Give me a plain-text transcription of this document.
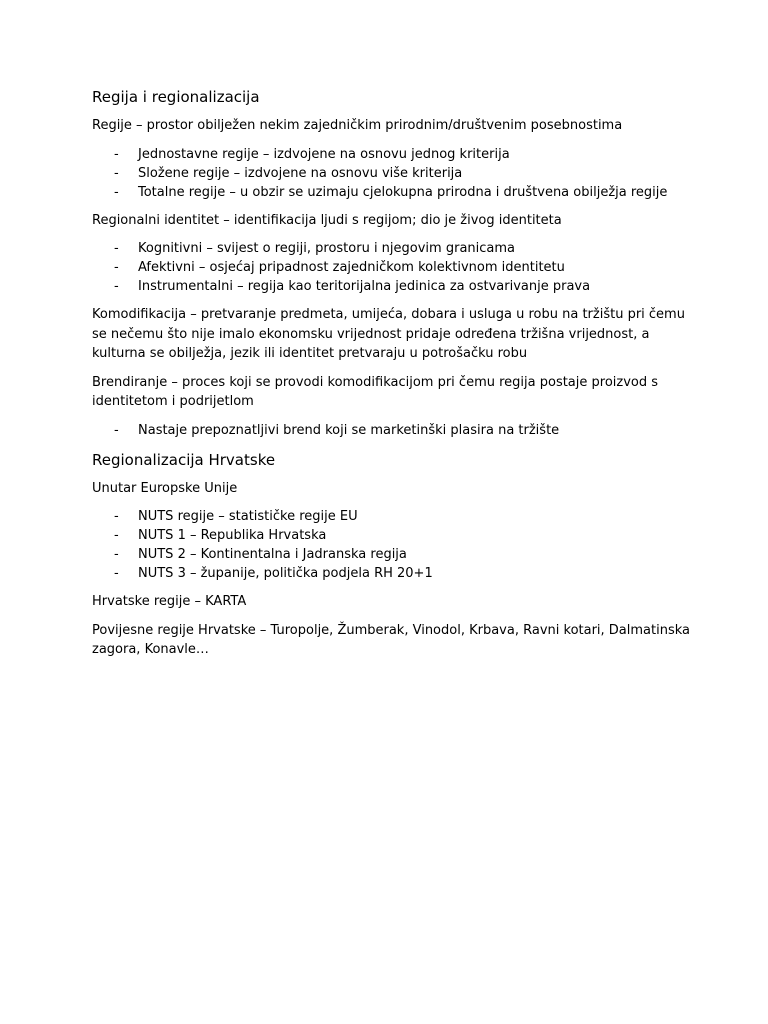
Regija i regionalizacija

Regije – prostor obilježen nekim zajedničkim prirodnim/društvenim posebnostima

- Jednostavne regije – izdvojene na osnovu jednog kriterija
- Složene regije – izdvojene na osnovu više kriterija
- Totalne regije – u obzir se uzimaju cjelokupna prirodna i društvena obilježja regije

Regionalni identitet – identifikacija ljudi s regijom; dio je živog identiteta

- Kognitivni – svijest o regiji, prostoru i njegovim granicama
- Afektivni – osjećaj pripadnost zajedničkom kolektivnom identitetu
- Instrumentalni – regija kao teritorijalna jedinica za ostvarivanje prava

Komodifikacija – pretvaranje predmeta, umijeća, dobara i usluga u robu na tržištu pri čemu se nečemu što nije imalo ekonomsku vrijednost pridaje određena tržišna vrijednost, a kulturna se obilježja, jezik ili identitet pretvaraju u potrošačku robu

Brendiranje – proces koji se provodi komodifikacijom pri čemu regija postaje proizvod s identitetom i podrijetlom

- Nastaje prepoznatljivi brend koji se marketinški plasira na tržište
Regionalizacija Hrvatske

Unutar Europske Unije

- NUTS regije – statističke regije EU
- NUTS 1 – Republika Hrvatska
- NUTS 2 – Kontinentalna i Jadranska regija
- NUTS 3 – županije, politička podjela RH 20+1

Hrvatske regije – KARTA

Povijesne regije Hrvatske – Turopolje, Žumberak, Vinodol, Krbava, Ravni kotari, Dalmatinska zagora, Konavle…
